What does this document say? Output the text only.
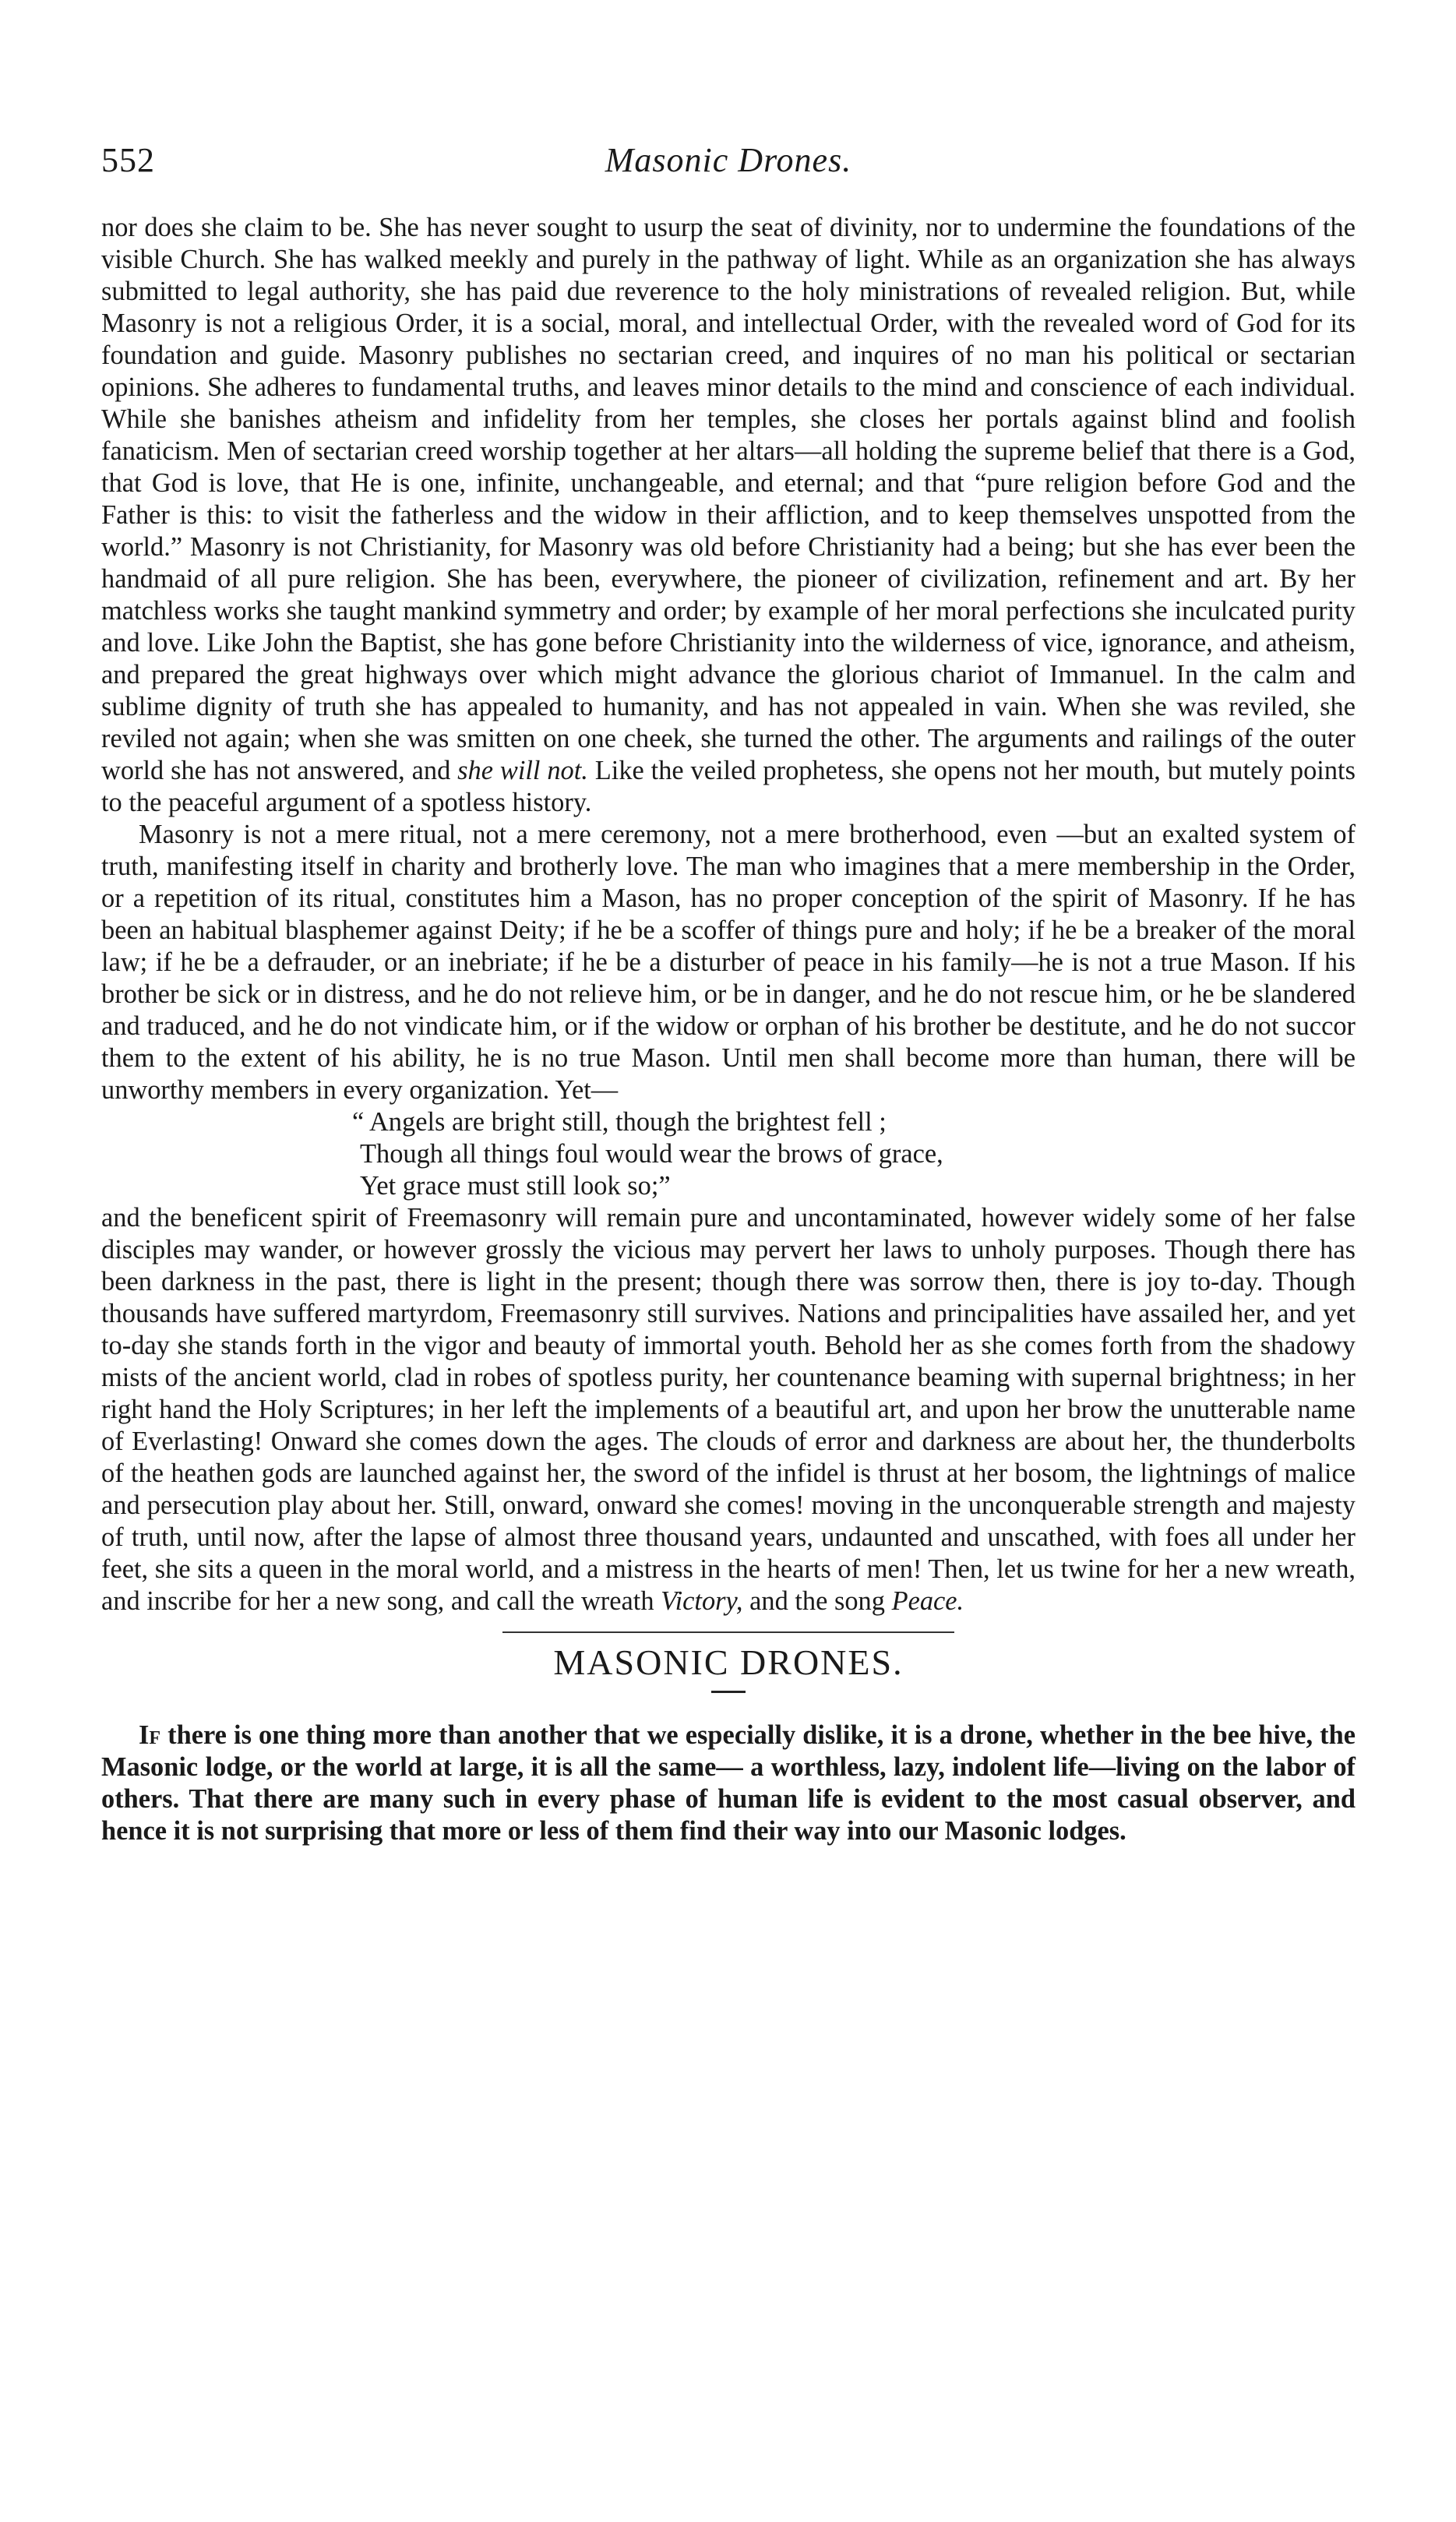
552	Masonic Drones.

nor does she claim to be. She has never sought to usurp the seat of divinity, nor to undermine the foundations of the visible Church. She has walked meekly and purely in the pathway of light. While as an organization she has always submitted to legal authority, she has paid due reverence to the holy ministrations of revealed religion. But, while Masonry is not a religious Order, it is a social, moral, and intellectual Order, with the revealed word of God for its foundation and guide. Masonry publishes no sectarian creed, and inquires of no man his political or sectarian opinions. She adheres to fundamental truths, and leaves minor details to the mind and conscience of each individual. While she banishes atheism and infidelity from her temples, she closes her portals against blind and foolish fanaticism. Men of sectarian creed worship together at her altars—all holding the supreme belief that there is a God, that God is love, that He is one, infinite, unchangeable, and eternal; and that “pure religion before God and the Father is this: to visit the fatherless and the widow in their affliction, and to keep themselves unspotted from the world.” Masonry is not Christianity, for Masonry was old before Christianity had a being; but she has ever been the handmaid of all pure religion. She has been, everywhere, the pioneer of civilization, refinement and art. By her matchless works she taught mankind symmetry and order; by example of her moral perfections she inculcated purity and love. Like John the Baptist, she has gone before Christianity into the wilderness of vice, ignorance, and atheism, and prepared the great highways over which might advance the glorious chariot of Immanuel. In the calm and sublime dignity of truth she has appealed to humanity, and has not appealed in vain. When she was reviled, she reviled not again; when she was smitten on one cheek, she turned the other. The arguments and railings of the outer world she has not answered, and she will not. Like the veiled prophetess, she opens not her mouth, but mutely points to the peaceful argument of a spotless history.

Masonry is not a mere ritual, not a mere ceremony, not a mere brotherhood, even —but an exalted system of truth, manifesting itself in charity and brotherly love. The man who imagines that a mere membership in the Order, or a repetition of its ritual, constitutes him a Mason, has no proper conception of the spirit of Masonry. If he has been an habitual blasphemer against Deity; if he be a scoffer of things pure and holy; if he be a breaker of the moral law; if he be a defrauder, or an inebriate; if he be a disturber of peace in his family—he is not a true Mason. If his brother be sick or in distress, and he do not relieve him, or be in danger, and he do not rescue him, or he be slandered and traduced, and he do not vindicate him, or if the widow or orphan of his brother be destitute, and he do not succor them to the extent of his ability, he is no true Mason. Until men shall become more than human, there will be unworthy members in every organization. Yet—

“ Angels are bright still, though the brightest fell ;
Though all things foul would wear the brows of grace,
Yet grace must still look so;”

and the beneficent spirit of Freemasonry will remain pure and uncontaminated, however widely some of her false disciples may wander, or however grossly the vicious may pervert her laws to unholy purposes. Though there has been darkness in the past, there is light in the present; though there was sorrow then, there is joy to-day. Though thousands have suffered martyrdom, Freemasonry still survives. Nations and principalities have assailed her, and yet to-day she stands forth in the vigor and beauty of immortal youth. Behold her as she comes forth from the shadowy mists of the ancient world, clad in robes of spotless purity, her countenance beaming with supernal brightness; in her right hand the Holy Scriptures; in her left the implements of a beautiful art, and upon her brow the unutterable name of Everlasting! Onward she comes down the ages. The clouds of error and darkness are about her, the thunderbolts of the heathen gods are launched against her, the sword of the infidel is thrust at her bosom, the lightnings of malice and persecution play about her. Still, onward, onward she comes! moving in the unconquerable strength and majesty of truth, until now, after the lapse of almost three thousand years, undaunted and unscathed, with foes all under her feet, she sits a queen in the moral world, and a mistress in the hearts of men! Then, let us twine for her a new wreath, and inscribe for her a new song, and call the wreath Victory, and the song Peace.

MASONIC DRONES.

If there is one thing more than another that we especially dislike, it is a drone, whether in the bee hive, the Masonic lodge, or the world at large, it is all the same— a worthless, lazy, indolent life—living on the labor of others. That there are many such in every phase of human life is evident to the most casual observer, and hence it is not surprising that more or less of them find their way into our Masonic lodges.
